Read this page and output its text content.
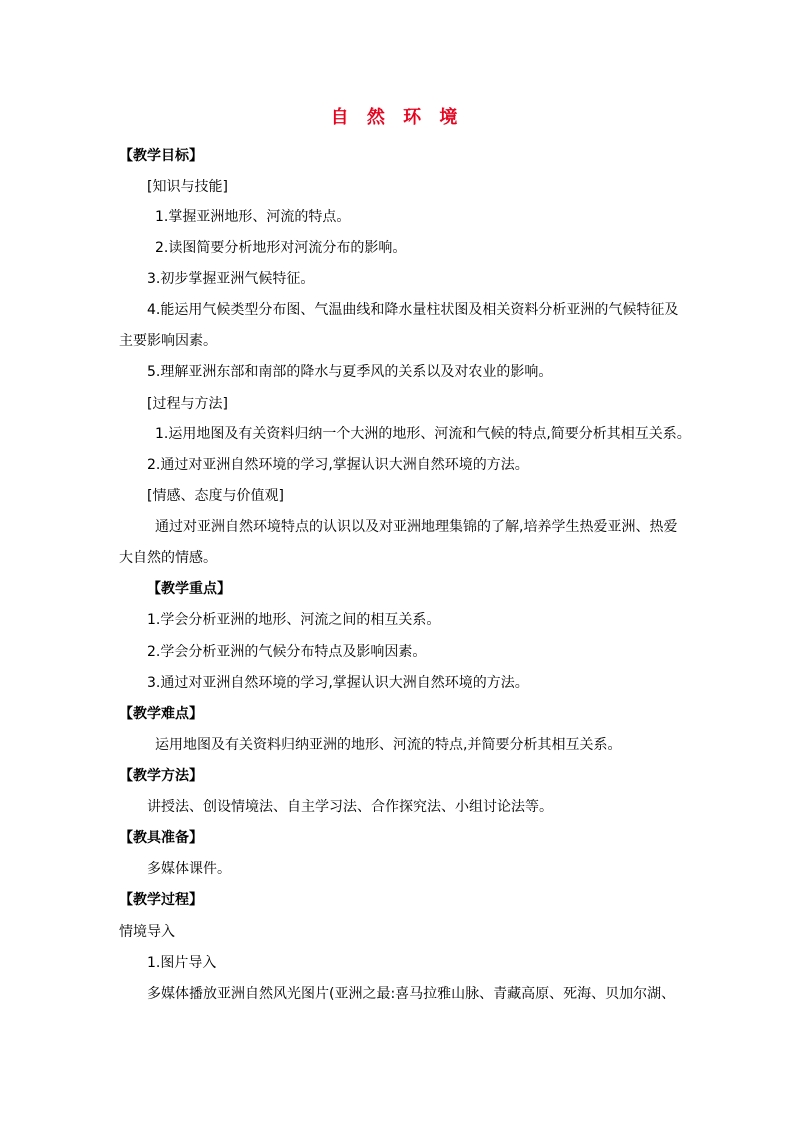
自 然 环 境
【教学目标】
[知识与技能]
1.掌握亚洲地形、河流的特点。
2.读图简要分析地形对河流分布的影响。
3.初步掌握亚洲气候特征。
4.能运用气候类型分布图、气温曲线和降水量柱状图及相关资料分析亚洲的气候特征及
主要影响因素。
5.理解亚洲东部和南部的降水与夏季风的关系以及对农业的影响。
[过程与方法]
1.运用地图及有关资料归纳一个大洲的地形、河流和气候的特点,简要分析其相互关系。
2.通过对亚洲自然环境的学习,掌握认识大洲自然环境的方法。
[情感、态度与价值观]
通过对亚洲自然环境特点的认识以及对亚洲地理集锦的了解,培养学生热爱亚洲、热爱
大自然的情感。
【教学重点】
1.学会分析亚洲的地形、河流之间的相互关系。
2.学会分析亚洲的气候分布特点及影响因素。
3.通过对亚洲自然环境的学习,掌握认识大洲自然环境的方法。
【教学难点】
运用地图及有关资料归纳亚洲的地形、河流的特点,并简要分析其相互关系。
【教学方法】
讲授法、创设情境法、自主学习法、合作探究法、小组讨论法等。
【教具准备】
多媒体课件。
【教学过程】
情境导入
1.图片导入
多媒体播放亚洲自然风光图片(亚洲之最:喜马拉雅山脉、青藏高原、死海、贝加尔湖、
